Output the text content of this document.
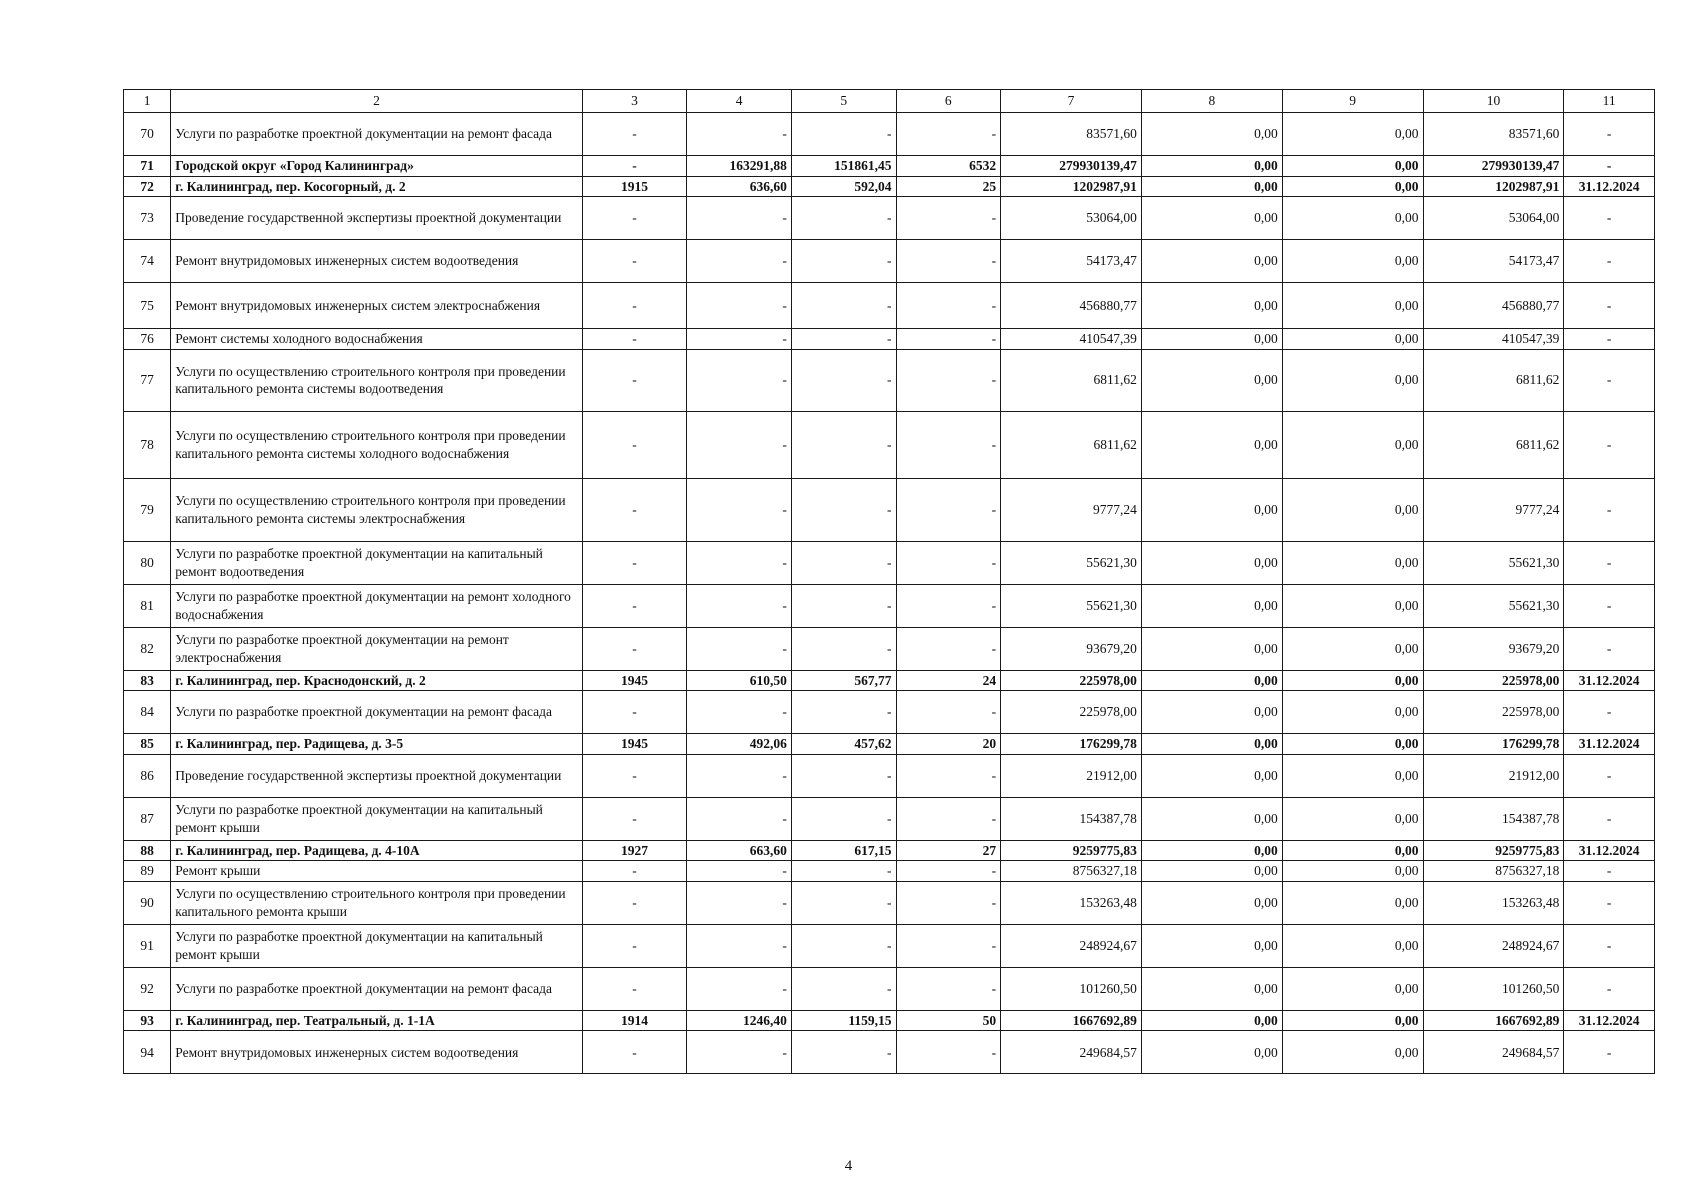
1	2	3	4	5	6	7	8	9	10	11
70	Услуги по разработке проектной документации на ремонт фасада	-	-	-	-	83571,60	0,00	0,00	83571,60	-
71	Городской округ «Город Калининград»	-	163291,88	151861,45	6532	279930139,47	0,00	0,00	279930139,47	-
72	г. Калининград, пер. Косогорный, д. 2	1915	636,60	592,04	25	1202987,91	0,00	0,00	1202987,91	31.12.2024
73	Проведение государственной экспертизы проектной документации	-	-	-	-	53064,00	0,00	0,00	53064,00	-
74	Ремонт внутридомовых инженерных систем водоотведения	-	-	-	-	54173,47	0,00	0,00	54173,47	-
75	Ремонт внутридомовых инженерных систем электроснабжения	-	-	-	-	456880,77	0,00	0,00	456880,77	-
76	Ремонт системы холодного водоснабжения	-	-	-	-	410547,39	0,00	0,00	410547,39	-
77	Услуги по осуществлению строительного контроля при проведении капитального ремонта системы водоотведения	-	-	-	-	6811,62	0,00	0,00	6811,62	-
78	Услуги по осуществлению строительного контроля при проведении капитального ремонта системы холодного водоснабжения	-	-	-	-	6811,62	0,00	0,00	6811,62	-
79	Услуги по осуществлению строительного контроля при проведении капитального ремонта системы электроснабжения	-	-	-	-	9777,24	0,00	0,00	9777,24	-
80	Услуги по разработке проектной документации на капитальный ремонт водоотведения	-	-	-	-	55621,30	0,00	0,00	55621,30	-
81	Услуги по разработке проектной документации на ремонт холодного водоснабжения	-	-	-	-	55621,30	0,00	0,00	55621,30	-
82	Услуги по разработке проектной документации на ремонт электроснабжения	-	-	-	-	93679,20	0,00	0,00	93679,20	-
83	г. Калининград, пер. Краснодонский, д. 2	1945	610,50	567,77	24	225978,00	0,00	0,00	225978,00	31.12.2024
84	Услуги по разработке проектной документации на ремонт фасада	-	-	-	-	225978,00	0,00	0,00	225978,00	-
85	г. Калининград, пер. Радищева, д. 3-5	1945	492,06	457,62	20	176299,78	0,00	0,00	176299,78	31.12.2024
86	Проведение государственной экспертизы проектной документации	-	-	-	-	21912,00	0,00	0,00	21912,00	-
87	Услуги по разработке проектной документации на капитальный ремонт крыши	-	-	-	-	154387,78	0,00	0,00	154387,78	-
88	г. Калининград, пер. Радищева, д. 4-10А	1927	663,60	617,15	27	9259775,83	0,00	0,00	9259775,83	31.12.2024
89	Ремонт крыши	-	-	-	-	8756327,18	0,00	0,00	8756327,18	-
90	Услуги по осуществлению строительного контроля при проведении капитального ремонта крыши	-	-	-	-	153263,48	0,00	0,00	153263,48	-
91	Услуги по разработке проектной документации на капитальный ремонт крыши	-	-	-	-	248924,67	0,00	0,00	248924,67	-
92	Услуги по разработке проектной документации на ремонт фасада	-	-	-	-	101260,50	0,00	0,00	101260,50	-
93	г. Калининград, пер. Театральный, д. 1-1А	1914	1246,40	1159,15	50	1667692,89	0,00	0,00	1667692,89	31.12.2024
94	Ремонт внутридомовых инженерных систем водоотведения	-	-	-	-	249684,57	0,00	0,00	249684,57	-
4
